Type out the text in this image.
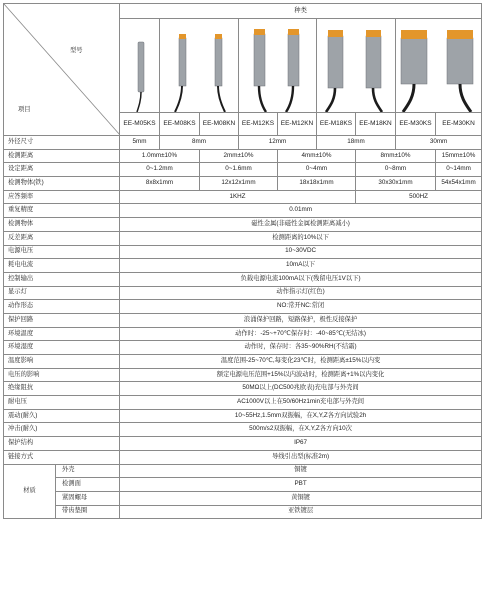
型号
项目		种类								

		EE-M05KS	EE-M08KS	EE-M08KN	EE-M12KS	EE-M12KN	EE-M18KS	EE-M18KN	EE-M30KS	EE-M30KN
外径尺寸		5mm	8mm		12mm		18mm		30mm	
检测距离		1.0mm±10%		2mm±10%		4mm±10%		8mm±10%		15mm±10%
设定距离		0~1.2mm		0~1.6mm		0~4mm		0~8mm		0~14mm
检测物体(铁)		8x8x1mm		12x12x1mm		18x18x1mm		30x30x1mm		54x54x1mm
应答频率		1KHZ						500HZ		
重复精度		0.01mm								
检测物体		磁性金属(非磁性金属检测距离减小)								
反差距离		检测距离的10%以下								
电源电压		10~30VDC								
耗电电流		10mA以下								
控制输出		负载电源电流100mA以下(残留电压1V以下)								
显示灯		动作指示灯(红色)								
动作形态		NO:常开NC:常闭								
保护回路		浪涌保护回路，短路保护，极性反接保护								
环境温度		动作时：-25~+70℃保存时：-40~85℃(无结冰)								
环境湿度		动作时，保存时：各35~90%RH(不结霜)								
温度影响		温度范围-25~70℃,每变化23℃时，检测距离±15%以内变								
电压的影响		额定电源电压范围+15%以内波动时，检测距离+1%以内变化								
绝缘阻抗		50MΩ以上(DC500兆欧表)充电部与外壳间								
耐电压		AC1000V以上在50/60Hz1min充电部与外壳间								
震动(耐久)		10~55Hz,1.5mm双振幅，在X,Y,Z各方向试验2h								
冲击(耐久)		500m/s2双振幅，在X,Y,Z各方向10次								
保护结构		IP67								
链接方式		导线引出型(标准2m)								
材质	外壳	铜镀								
	检测面	PBT								
	紧固螺母	黄铜镀								
	带齿垫圈	亚铁镀层								
